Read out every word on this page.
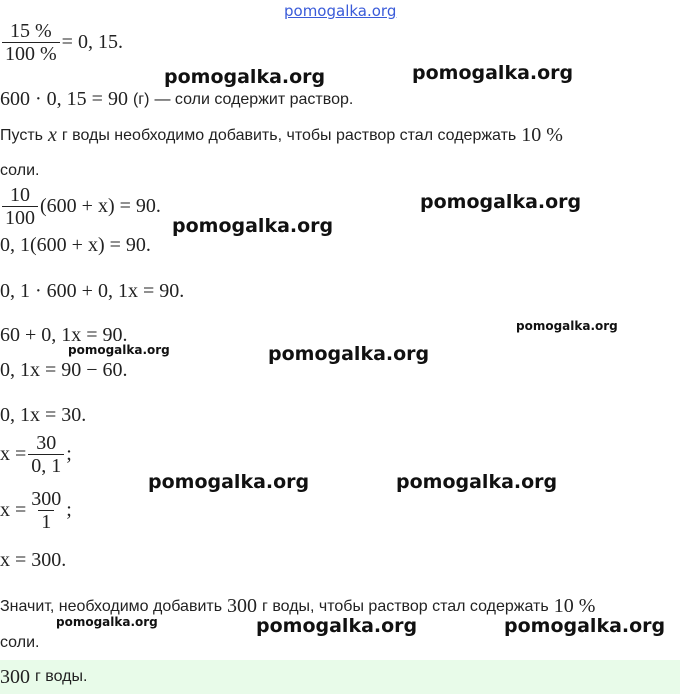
pomogalka.org
$\frac{15 \%}{100 \%} = 0$, 15.
600 · 0, 15 = 90 (г) — соли содержит раствор.
Пусть x г воды необходимо добавить, чтобы раствор стал содержать 10 %
соли.
$\frac{10}{100} (600 + x) = 90$.
0, 1(600 + x) = 90.
0, 1 · 600 + 0, 1x = 90.
60 + 0, 1x = 90.
0, 1x = 90 − 60.
0, 1x = 30.
$x = \frac{30}{0, 1}$ ;
$x = \frac{300}{1}$ ;
x = 300.
Значит, необходимо добавить 300 г воды, чтобы раствор стал содержать 10 %
соли.
300 г воды.
pomogalka.org	pomogalka.org
pomogalka.org
pomogalka.org
pomogalka.org
pomogalka.org	pomogalka.org
pomogalka.org	pomogalka.org
pomogalka.org	pomogalka.org	pomogalka.org
